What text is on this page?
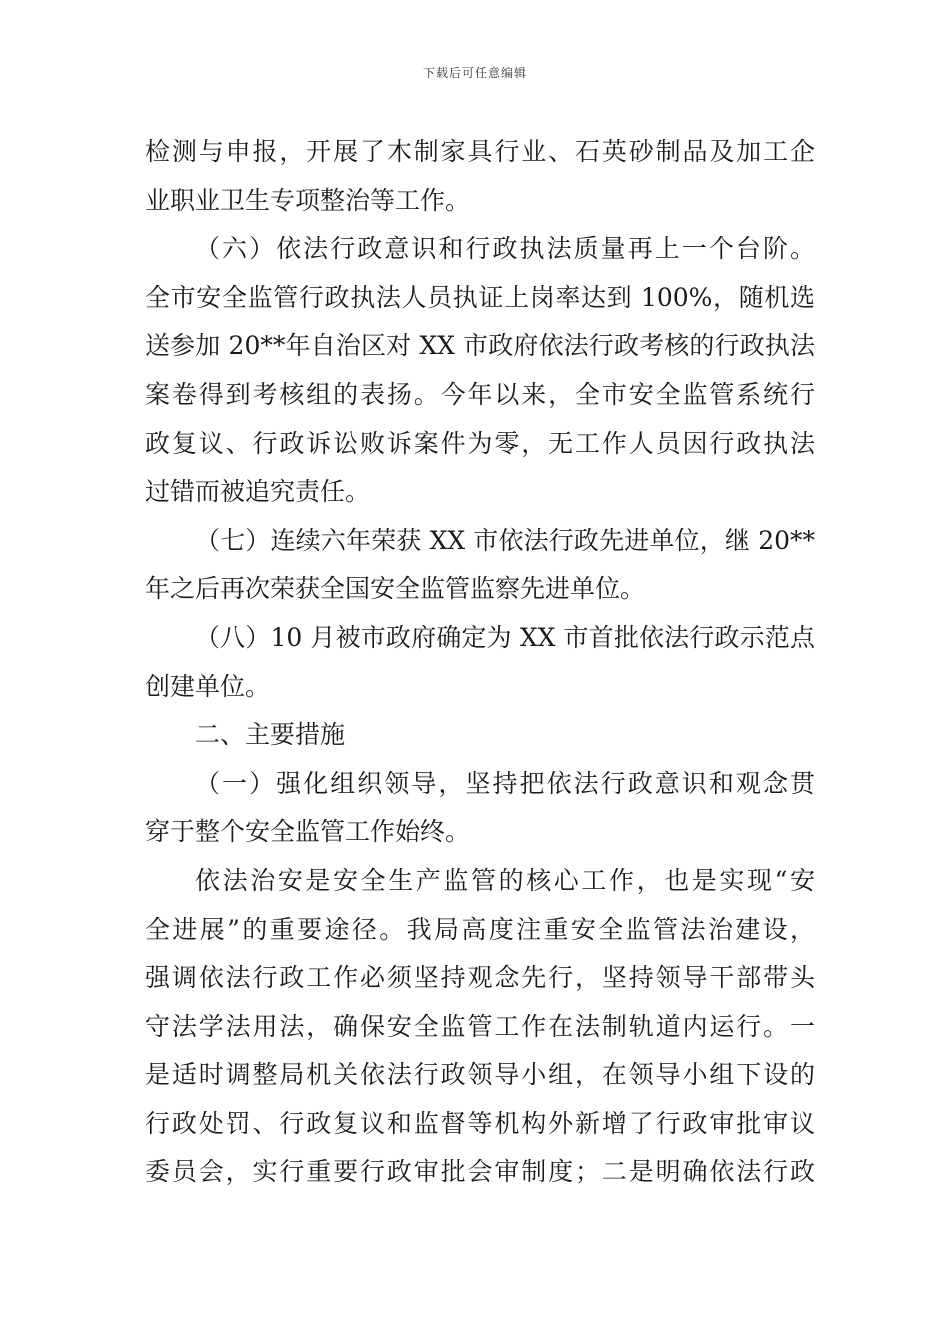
下载后可任意编辑
检测与申报，开展了木制家具行业、石英砂制品及加工企
业职业卫生专项整治等工作。
（六）依法行政意识和行政执法质量再上一个台阶。
全市安全监管行政执法人员执证上岗率达到 100%，随机选
送参加 20**年自治区对 XX 市政府依法行政考核的行政执法
案卷得到考核组的表扬。今年以来，全市安全监管系统行
政复议、行政诉讼败诉案件为零，无工作人员因行政执法
过错而被追究责任。
（七）连续六年荣获 XX 市依法行政先进单位，继 20**
年之后再次荣获全国安全监管监察先进单位。
（八）10 月被市政府确定为 XX 市首批依法行政示范点
创建单位。
二、主要措施
（一）强化组织领导，坚持把依法行政意识和观念贯
穿于整个安全监管工作始终。
依法治安是安全生产监管的核心工作，也是实现“安
全进展”的重要途径。我局高度注重安全监管法治建设，
强调依法行政工作必须坚持观念先行，坚持领导干部带头
守法学法用法，确保安全监管工作在法制轨道内运行。一
是适时调整局机关依法行政领导小组，在领导小组下设的
行政处罚、行政复议和监督等机构外新增了行政审批审议
委员会，实行重要行政审批会审制度；二是明确依法行政
